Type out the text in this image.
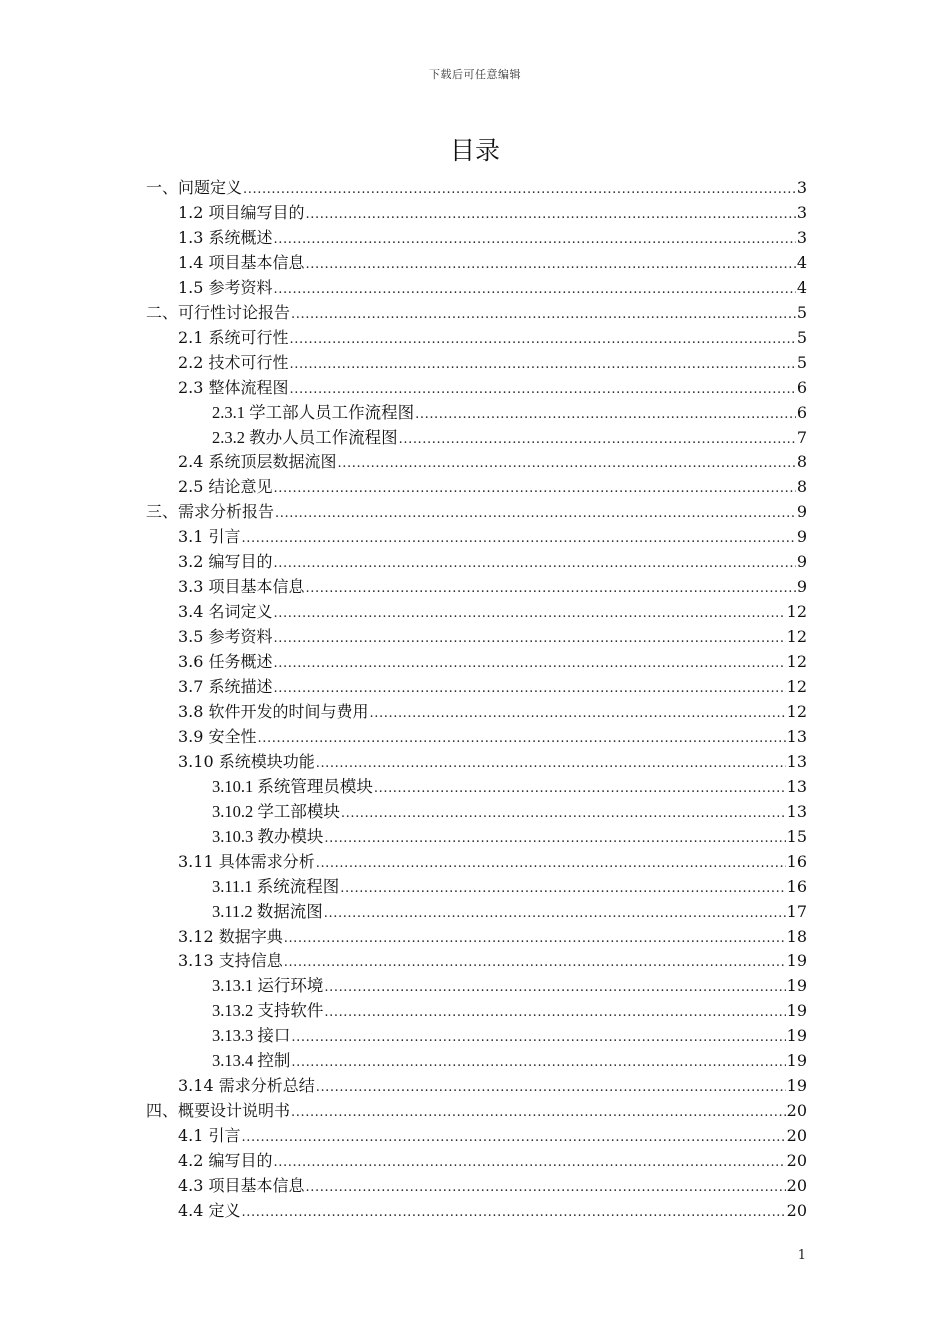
下载后可任意编辑
目录
一、问题定义 .....	3
1.2 项目编写目的 .....	3
1.3 系统概述 .....	3
1.4 项目基本信息 .....	4
1.5 参考资料 .....	4
二、可行性讨论报告 .....	5
2.1 系统可行性 .....	5
2.2 技术可行性 .....	5
2.3 整体流程图 .....	6
2.3.1 学工部人员工作流程图 .....	6
2.3.2 教办人员工作流程图 .....	7
2.4 系统顶层数据流图 .....	8
2.5 结论意见 .....	8
三、需求分析报告 .....	9
3.1 引言 .....	9
3.2 编写目的 .....	9
3.3 项目基本信息 .....	9
3.4 名词定义 .....	12
3.5 参考资料 .....	12
3.6 任务概述 .....	12
3.7 系统描述 .....	12
3.8 软件开发的时间与费用 .....	12
3.9 安全性 .....	13
3.10 系统模块功能 .....	13
3.10.1 系统管理员模块 .....	13
3.10.2 学工部模块 .....	13
3.10.3 教办模块 .....	15
3.11 具体需求分析 .....	16
3.11.1 系统流程图 .....	16
3.11.2 数据流图 .....	17
3.12 数据字典 .....	18
3.13 支持信息 .....	19
3.13.1 运行环境 .....	19
3.13.2 支持软件 .....	19
3.13.3 接口 .....	19
3.13.4 控制 .....	19
3.14 需求分析总结 .....	19
四、概要设计说明书 .....	20
4.1 引言 .....	20
4.2 编写目的 .....	20
4.3 项目基本信息 .....	20
4.4 定义 .....	20
1
